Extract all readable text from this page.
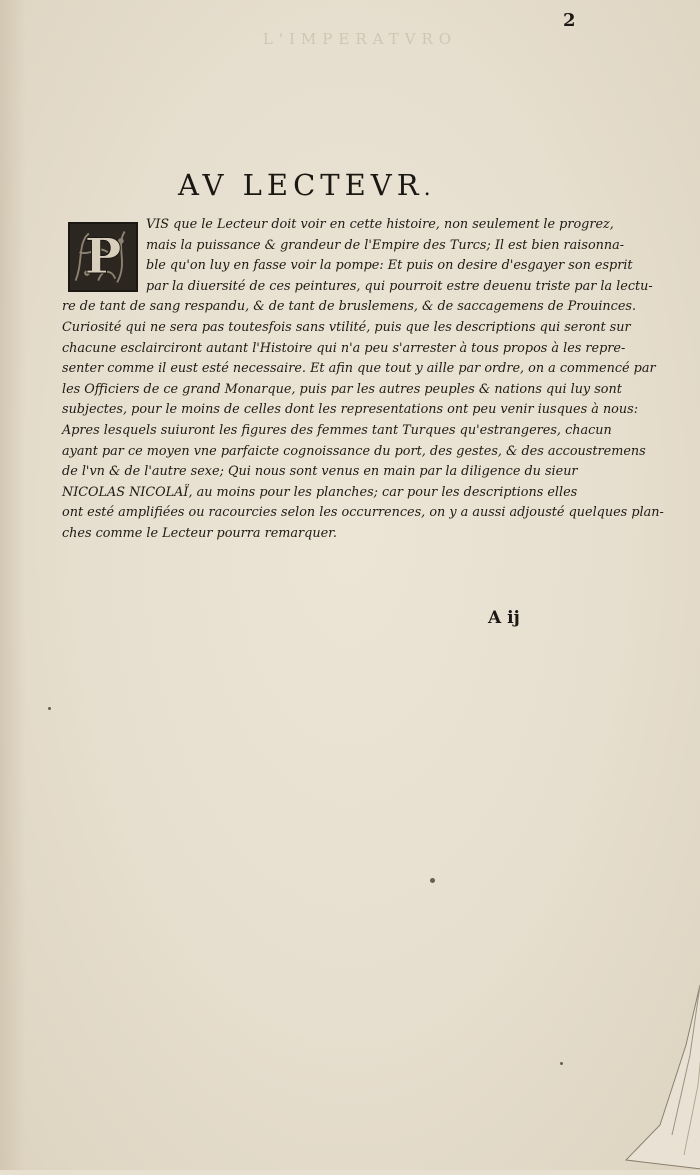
L'IMPERATVRO
2
AV LECTEVR.
P
VIS que le Lecteur doit voir en cette histoire, non seulement le progrez,
mais la puissance & grandeur de l'Empire des Turcs; Il est bien raisonna-
ble qu'on luy en fasse voir la pompe: Et puis on desire d'esgayer son esprit
par la diuersité de ces peintures, qui pourroit estre deuenu triste par la lectu-
re de tant de sang respandu, & de tant de bruslemens, & de saccagemens de Prouinces.
Curiosité qui ne sera pas toutesfois sans vtilité, puis que les descriptions qui seront sur
chacune esclairciront autant l'Histoire qui n'a peu s'arrester à tous propos à les repre-
senter comme il eust esté necessaire. Et afin que tout y aille par ordre, on a commencé par
les Officiers de ce grand Monarque, puis par les autres peuples & nations qui luy sont
subjectes, pour le moins de celles dont les representations ont peu venir iusques à nous:
Apres lesquels suiuront les figures des femmes tant Turques qu'estrangeres, chacun
ayant par ce moyen vne parfaicte cognoissance du port, des gestes, & des accoustremens
de l'vn & de l'autre sexe; Qui nous sont venus en main par la diligence du sieur
NICOLAS NICOLAÏ, au moins pour les planches; car pour les descriptions elles
ont esté amplifiées ou racourcies selon les occurrences, on y a aussi adjousté quelques plan-
ches comme le Lecteur pourra remarquer.
A ij
